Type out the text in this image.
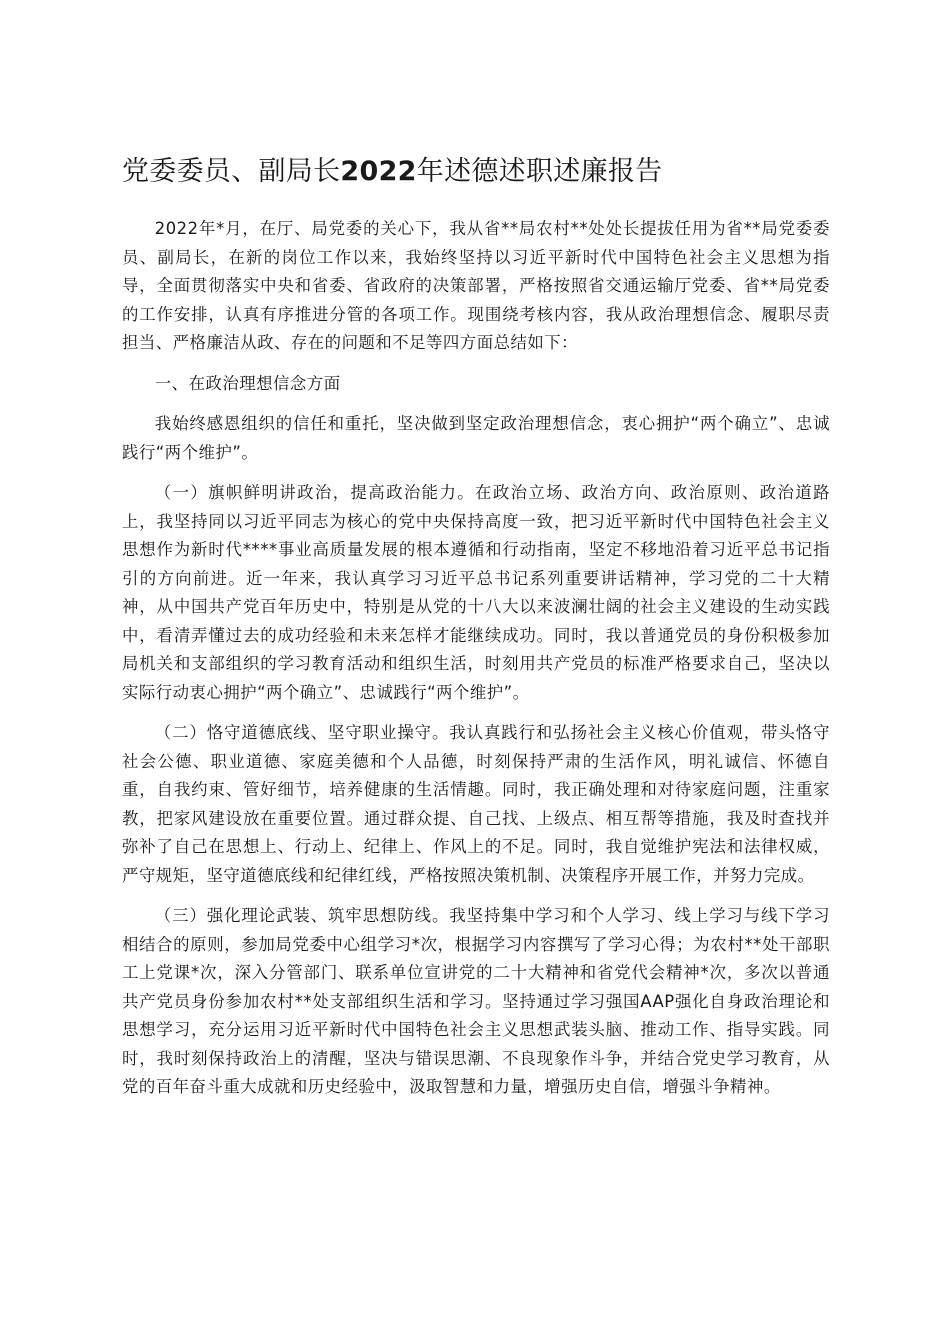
党委委员、副局长2022年述德述职述廉报告

2022年*月，在厅、局党委的关心下，我从省**局农村**处处长提拔任用为省**局党委委员、副局长，在新的岗位工作以来，我始终坚持以习近平新时代中国特色社会主义思想为指导，全面贯彻落实中央和省委、省政府的决策部署，严格按照省交通运输厅党委、省**局党委的工作安排，认真有序推进分管的各项工作。现围绕考核内容，我从政治理想信念、履职尽责担当、严格廉洁从政、存在的问题和不足等四方面总结如下：

一、在政治理想信念方面

我始终感恩组织的信任和重托，坚决做到坚定政治理想信念，衷心拥护“两个确立”、忠诚践行“两个维护”。

（一）旗帜鲜明讲政治，提高政治能力。在政治立场、政治方向、政治原则、政治道路上，我坚持同以习近平同志为核心的党中央保持高度一致，把习近平新时代中国特色社会主义思想作为新时代****事业高质量发展的根本遵循和行动指南，坚定不移地沿着习近平总书记指引的方向前进。近一年来，我认真学习习近平总书记系列重要讲话精神，学习党的二十大精神，从中国共产党百年历史中，特别是从党的十八大以来波澜壮阔的社会主义建设的生动实践中，看清弄懂过去的成功经验和未来怎样才能继续成功。同时，我以普通党员的身份积极参加局机关和支部组织的学习教育活动和组织生活，时刻用共产党员的标准严格要求自己，坚决以实际行动衷心拥护“两个确立”、忠诚践行“两个维护”。

（二）恪守道德底线、坚守职业操守。我认真践行和弘扬社会主义核心价值观，带头恪守社会公德、职业道德、家庭美德和个人品德，时刻保持严肃的生活作风，明礼诚信、怀德自重，自我约束、管好细节，培养健康的生活情趣。同时，我正确处理和对待家庭问题，注重家教，把家风建设放在重要位置。通过群众提、自己找、上级点、相互帮等措施，我及时查找并弥补了自己在思想上、行动上、纪律上、作风上的不足。同时，我自觉维护宪法和法律权威，严守规矩，坚守道德底线和纪律红线，严格按照决策机制、决策程序开展工作，并努力完成。

（三）强化理论武装、筑牢思想防线。我坚持集中学习和个人学习、线上学习与线下学习相结合的原则，参加局党委中心组学习*次，根据学习内容撰写了学习心得；为农村**处干部职工上党课*次，深入分管部门、联系单位宣讲党的二十大精神和省党代会精神*次，多次以普通共产党员身份参加农村**处支部组织生活和学习。坚持通过学习强国AAP强化自身政治理论和思想学习，充分运用习近平新时代中国特色社会主义思想武装头脑、推动工作、指导实践。同时，我时刻保持政治上的清醒，坚决与错误思潮、不良现象作斗争，并结合党史学习教育，从党的百年奋斗重大成就和历史经验中，汲取智慧和力量，增强历史自信，增强斗争精神。
